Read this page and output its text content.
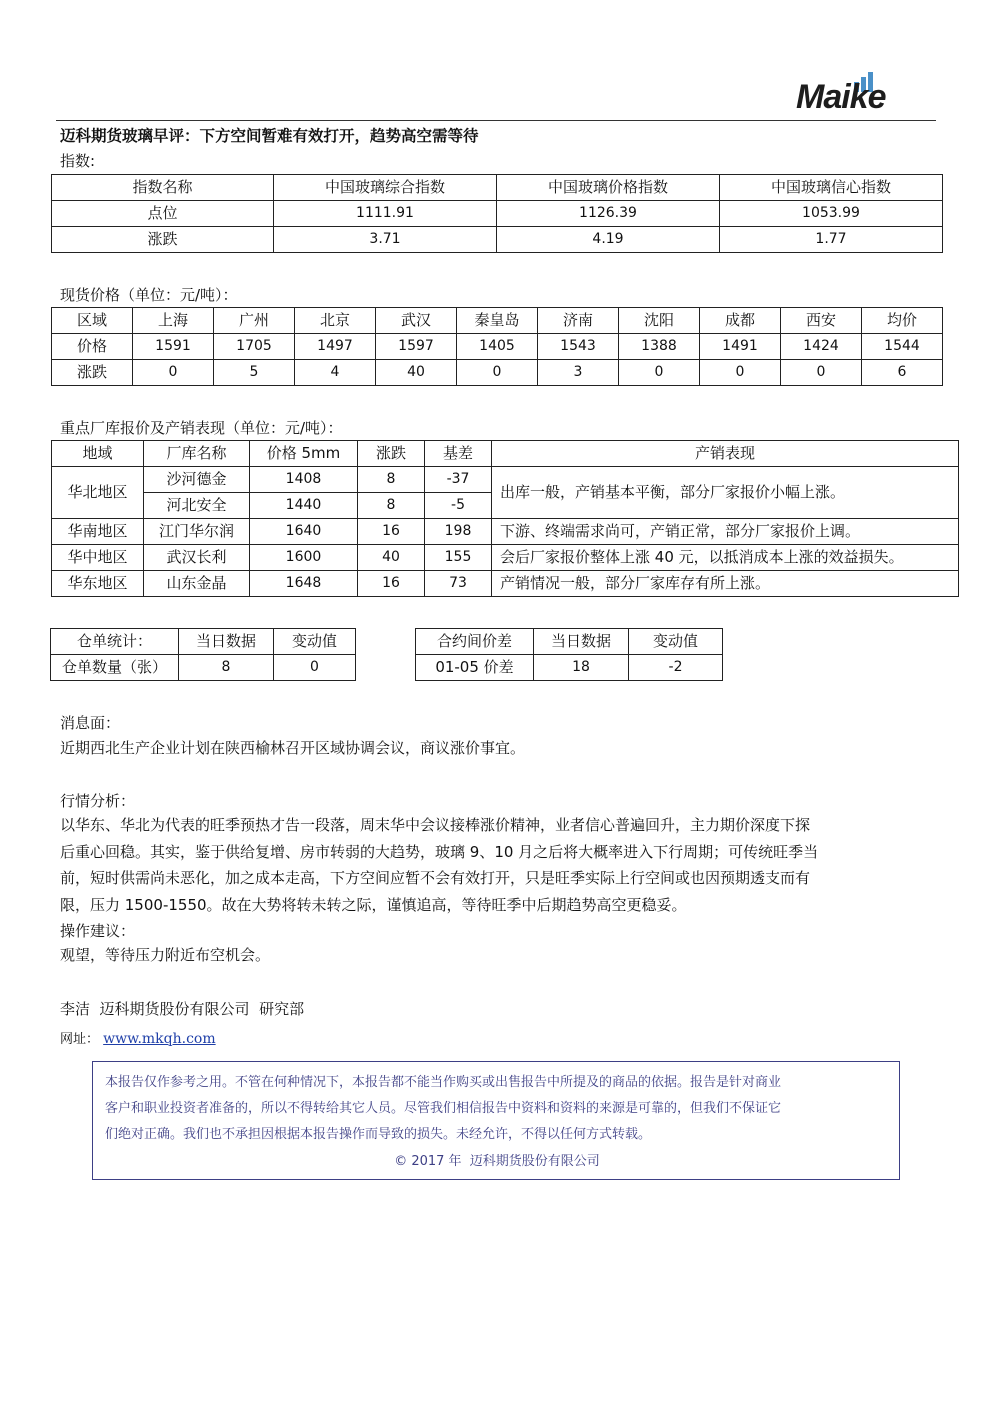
Maike
迈科期货玻璃早评：下方空间暂难有效打开，趋势高空需等待
指数:
指数名称	中国玻璃综合指数	中国玻璃价格指数	中国玻璃信心指数
点位	1111.91	1126.39	1053.99
涨跌	3.71	4.19	1.77
现货价格（单位：元/吨）：
区域	上海	广州	北京	武汉	秦皇岛	济南	沈阳	成都	西安	均价
价格	1591	1705	1497	1597	1405	1543	1388	1491	1424	1544
涨跌	0	5	4	40	0	3	0	0	0	6
重点厂库报价及产销表现（单位：元/吨）：
地域	厂库名称	价格 5mm	涨跌	基差	产销表现
华北地区	沙河德金	1408	8	-37	出库一般，产销基本平衡，部分厂家报价小幅上涨。
	河北安全	1440	8	-5	
华南地区	江门华尔润	1640	16	198	下游、终端需求尚可，产销正常，部分厂家报价上调。
华中地区	武汉长利	1600	40	155	会后厂家报价整体上涨 40 元，以抵消成本上涨的效益损失。
华东地区	山东金晶	1648	16	73	产销情况一般，部分厂家库存有所上涨。
仓单统计：	当日数据	变动值
仓单数量（张）	8	0
合约间价差	当日数据	变动值
01-05 价差	18	-2
消息面：
近期西北生产企业计划在陕西榆林召开区域协调会议，商议涨价事宜。
行情分析：
以华东、华北为代表的旺季预热才告一段落，周末华中会议接棒涨价精神，业者信心普遍回升，主力期价深度下探
后重心回稳。其实，鉴于供给复增、房市转弱的大趋势，玻璃 9、10 月之后将大概率进入下行周期；可传统旺季当
前，短时供需尚未恶化，加之成本走高，下方空间应暂不会有效打开，只是旺季实际上行空间或也因预期透支而有
限，压力 1500-1550。故在大势将转未转之际，谨慎追高，等待旺季中后期趋势高空更稳妥。
操作建议：
观望，等待压力附近布空机会。
李洁  迈科期货股份有限公司  研究部
网址： www.mkqh.com
本报告仅作参考之用。不管在何种情况下，本报告都不能当作购买或出售报告中所提及的商品的依据。报告是针对商业
客户和职业投资者准备的，所以不得转给其它人员。尽管我们相信报告中资料和资料的来源是可靠的，但我们不保证它
们绝对正确。我们也不承担因根据本报告操作而导致的损失。未经允许，不得以任何方式转载。
© 2017 年  迈科期货股份有限公司
